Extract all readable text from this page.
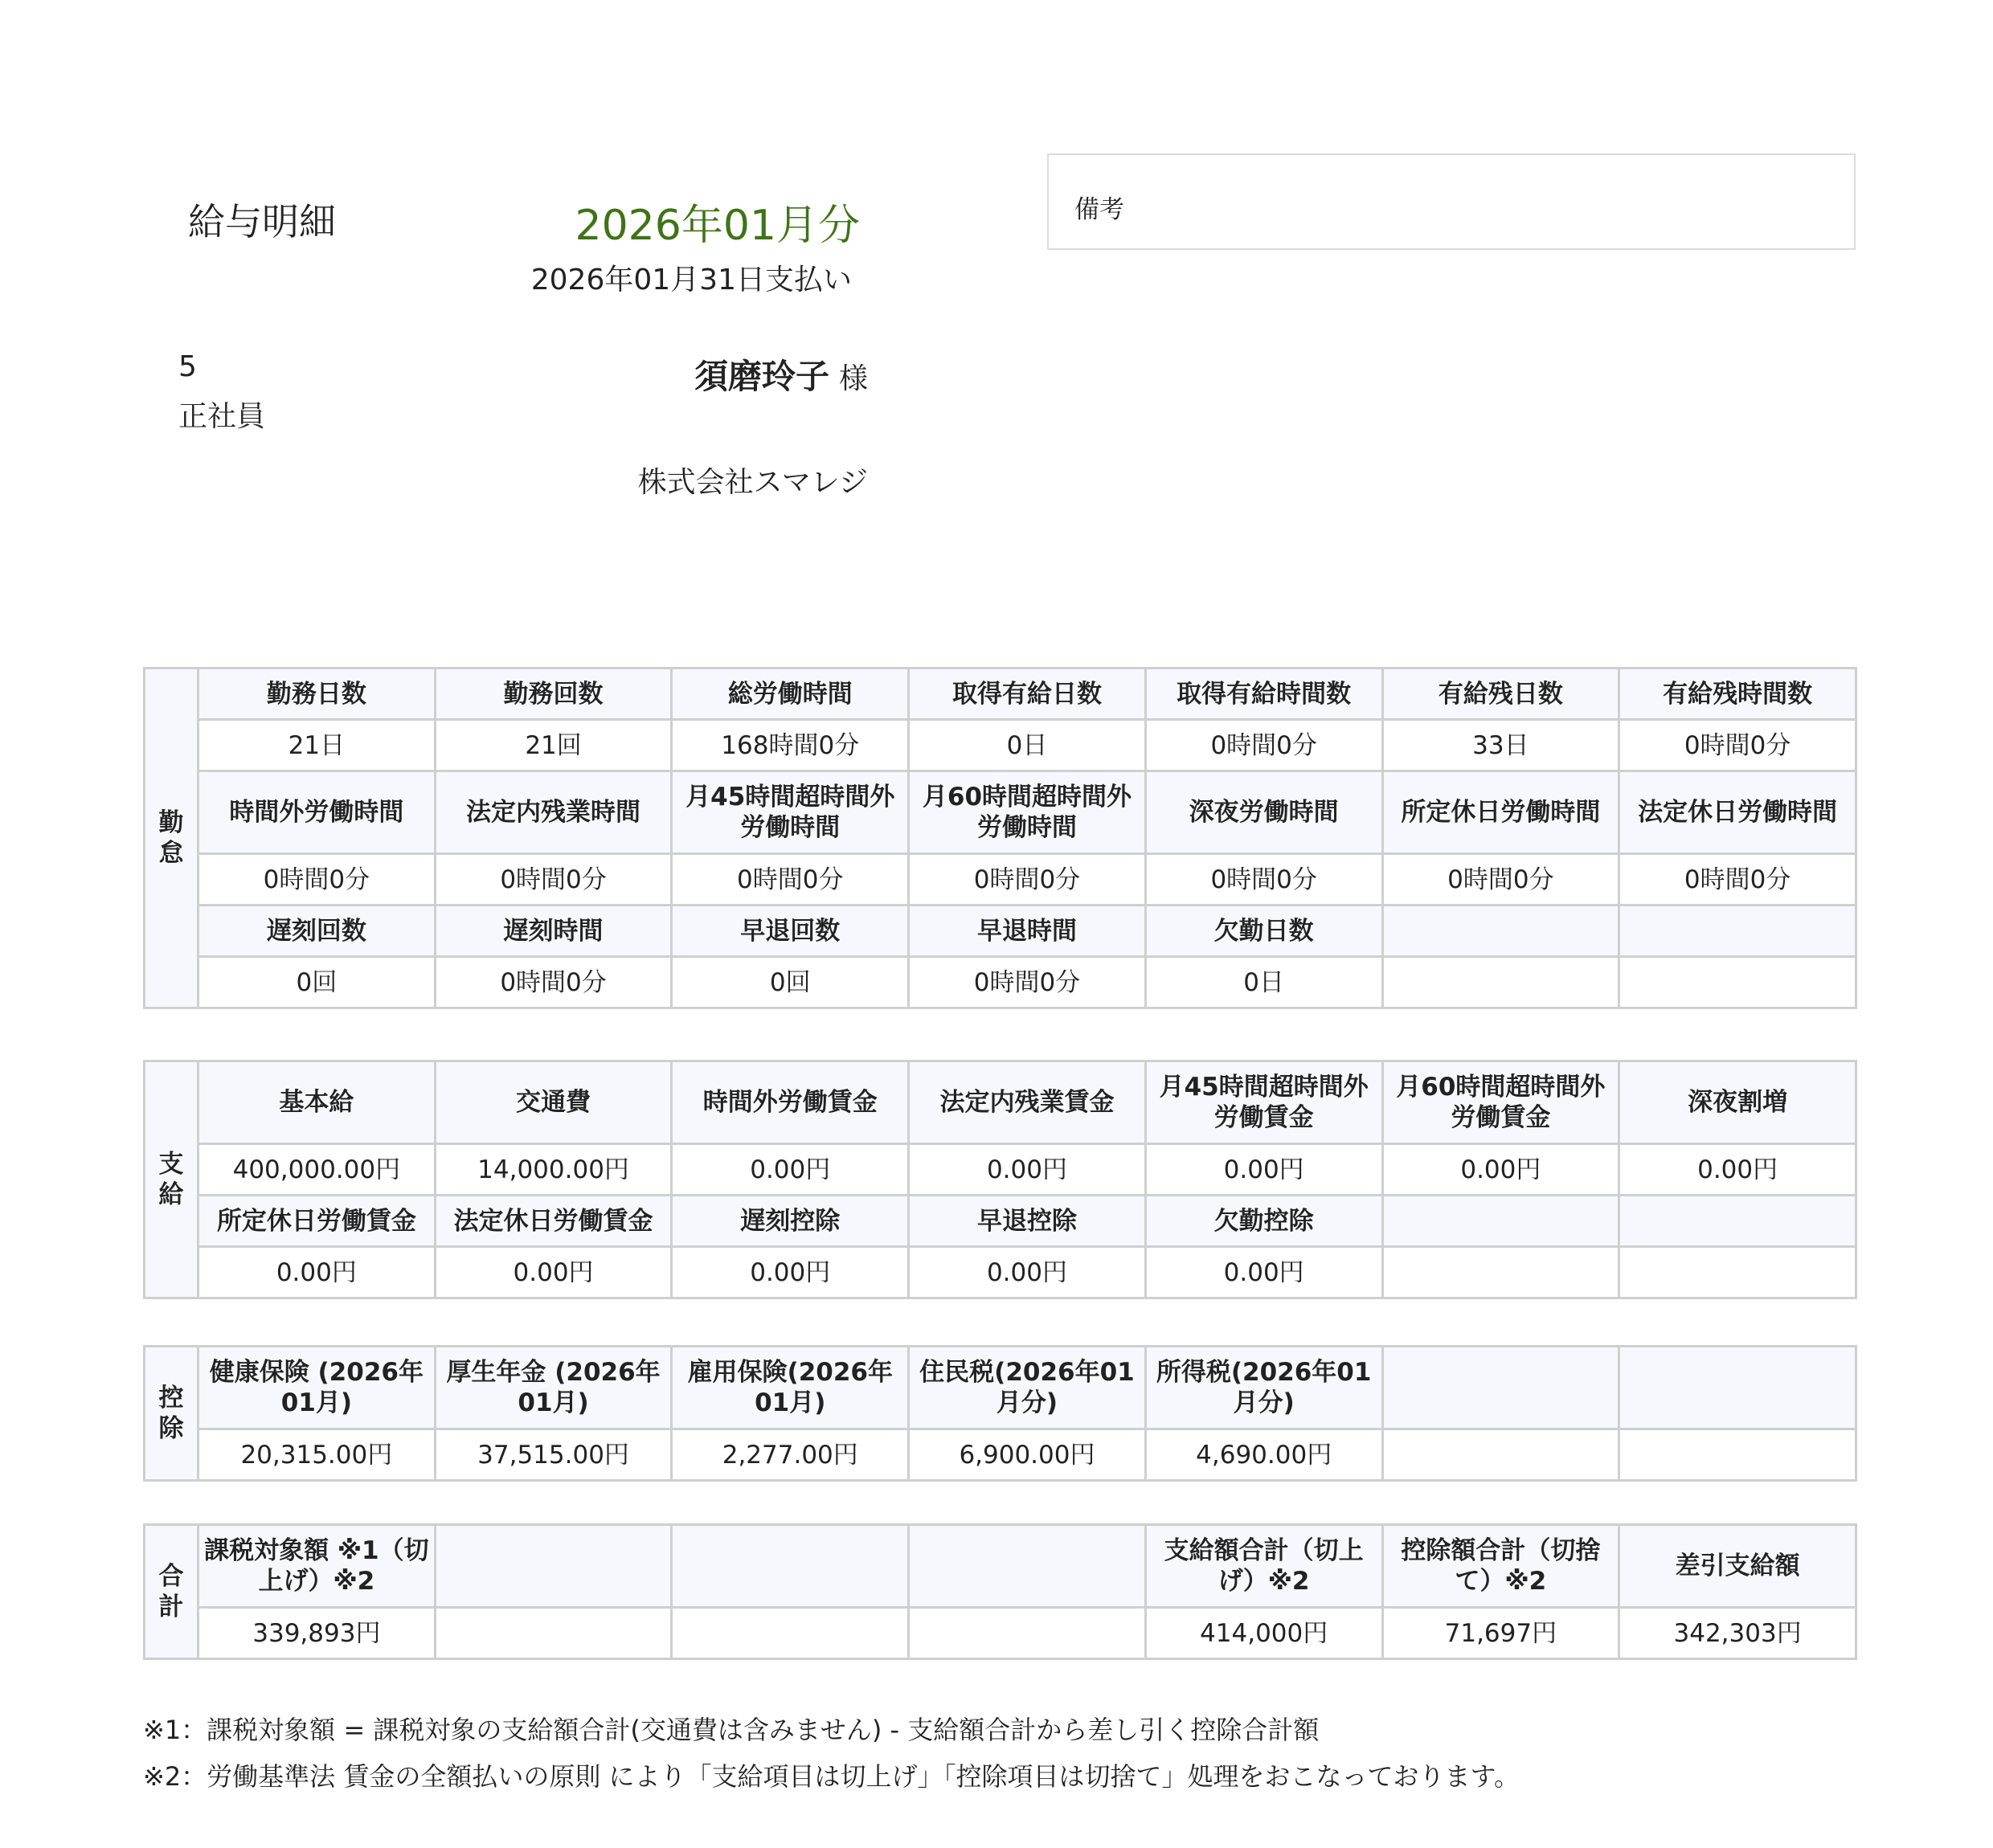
給与明細	2026年01月分
2026年01月31日支払い
5
正社員
須磨玲子 様
株式会社スマレジ
備考
勤
怠	勤務日数	勤務回数	総労働時間	取得有給日数	取得有給時間数	有給残日数	有給残時間数
	21日	21回	168時間0分	0日	0時間0分	33日	0時間0分
	時間外労働時間	法定内残業時間	月45時間超時間外労働時間	月60時間超時間外労働時間	深夜労働時間	所定休日労働時間	法定休日労働時間
	0時間0分	0時間0分	0時間0分	0時間0分	0時間0分	0時間0分	0時間0分
	遅刻回数	遅刻時間	早退回数	早退時間	欠勤日数		
	0回	0時間0分	0回	0時間0分	0日		
支
給	基本給	交通費	時間外労働賃金	法定内残業賃金	月45時間超時間外労働賃金	月60時間超時間外労働賃金	深夜割増
	400,000.00円	14,000.00円	0.00円	0.00円	0.00円	0.00円	0.00円
	所定休日労働賃金	法定休日労働賃金	遅刻控除	早退控除	欠勤控除		
	0.00円	0.00円	0.00円	0.00円	0.00円		
控
除	健康保険 (2026年01月)	厚生年金 (2026年01月)	雇用保険(2026年01月)	住民税(2026年01月分)	所得税(2026年01月分)		
	20,315.00円	37,515.00円	2,277.00円	6,900.00円	4,690.00円		
合
計	課税対象額 ※1（切上げ）※2				支給額合計（切上げ）※2	控除額合計（切捨て）※2	差引支給額
	339,893円				414,000円	71,697円	342,303円
※1：課税対象額 = 課税対象の支給額合計(交通費は含みません) - 支給額合計から差し引く控除合計額
※2：労働基準法 賃金の全額払いの原則 により「支給項目は切上げ」「控除項目は切捨て」処理をおこなっております。
